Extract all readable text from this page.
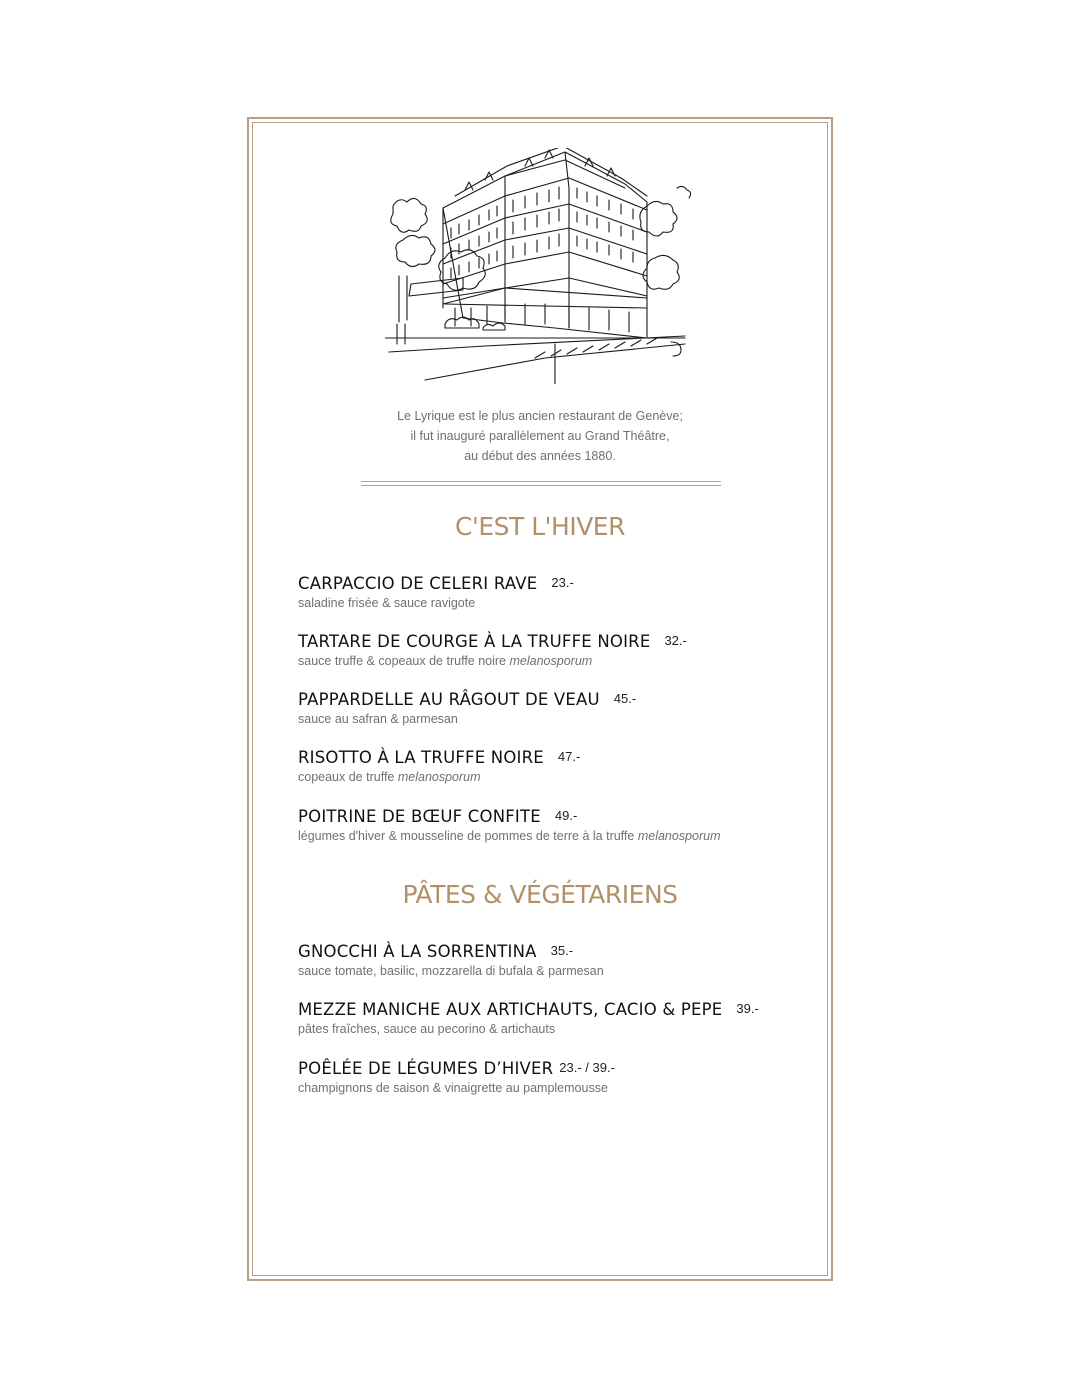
Le Lyrique est le plus ancien restaurant de Genève;
il fut inauguré parallèlement au Grand Théâtre,
au début des années 1880.
C'EST L'HIVER
CARPACCIO DE CELERI RAVE 23.-
saladine frisée & sauce ravigote
TARTARE DE COURGE À LA TRUFFE NOIRE 32.-
sauce truffe & copeaux de truffe noire melanosporum
PAPPARDELLE AU RÂGOUT DE VEAU 45.-
sauce au safran & parmesan
RISOTTO À LA TRUFFE NOIRE 47.-
copeaux de truffe melanosporum
POITRINE DE BŒUF CONFITE 49.-
légumes d'hiver & mousseline de pommes de terre à la truffe melanosporum
PÂTES & VÉGÉTARIENS
GNOCCHI À LA SORRENTINA 35.-
sauce tomate, basilic, mozzarella di bufala & parmesan
MEZZE MANICHE AUX ARTICHAUTS, CACIO & PEPE 39.-
pâtes fraîches, sauce au pecorino & artichauts
POÊLÉE DE LÉGUMES D’HIVER 23.- / 39.-
champignons de saison & vinaigrette au pamplemousse
